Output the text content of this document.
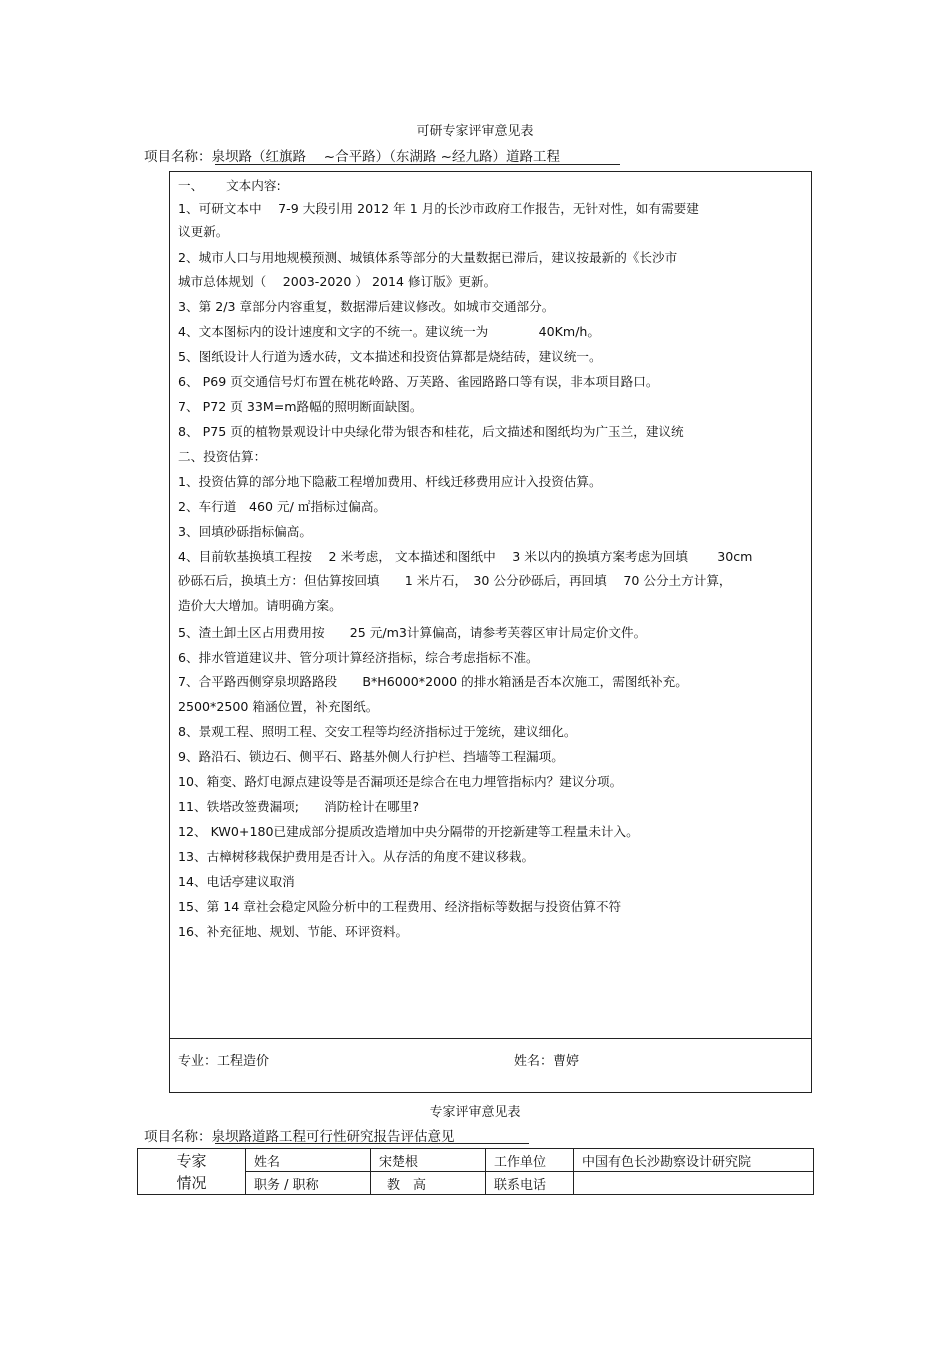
可研专家评审意见表
项目名称：泉坝路（红旗路　 ~合平路）（东湖路 ~经九路）道路工程
一、　　 文本内容:
1、可研文本中　 7-9 大段引用 2012 年 1 月的长沙市政府工作报告，无针对性，如有需要建
议更新。
2、城市人口与用地规模预测、城镇体系等部分的大量数据已滞后，建议按最新的《长沙市
城市总体规划（　 2003-2020 ） 2014 修订版》更新。
3、第 2/3 章部分内容重复，数据滞后建议修改。如城市交通部分。
4、文本图标内的设计速度和文字的不统一。建议统一为　　　　40Km/h。
5、图纸设计人行道为透水砖，文本描述和投资估算都是烧结砖，建议统一。
6、 P69 页交通信号灯布置在桃花岭路、万芙路、雀园路路口等有误，非本项目路口。
7、 P72 页 33M=m路幅的照明断面缺图。
8、 P75 页的植物景观设计中央绿化带为银杏和桂花，后文描述和图纸均为广玉兰，建议统
二、投资估算：
1、投资估算的部分地下隐蔽工程增加费用、杆线迁移费用应计入投资估算。
2、车行道　460 元/ ㎡指标过偏高。
3、回填砂砾指标偏高。
4、目前软基换填工程按　 2 米考虑， 文本描述和图纸中　 3 米以内的换填方案考虑为回填　　 30cm
砂砾石后，换填土方：但估算按回填　　1 米片石，　30 公分砂砾后，再回填　 70 公分土方计算，
造价大大增加。请明确方案。
5、渣土卸土区占用费用按　　25 元/m3计算偏高，请参考芙蓉区审计局定价文件。
6、排水管道建议井、管分项计算经济指标，综合考虑指标不准。
7、合平路西侧穿泉坝路路段　　B*H6000*2000 的排水箱涵是否本次施工，需图纸补充。
2500*2500 箱涵位置，补充图纸。
8、景观工程、照明工程、交安工程等均经济指标过于笼统，建议细化。
9、路沿石、锁边石、侧平石、路基外侧人行护栏、挡墙等工程漏项。
10、箱变、路灯电源点建设等是否漏项还是综合在电力埋管指标内？建议分项。
11、铁塔改签费漏项;　　消防栓计在哪里?
12、 KW0+180已建成部分提质改造增加中央分隔带的开挖新建等工程量未计入。
13、古樟树移栽保护费用是否计入。从存活的角度不建议移栽。
14、电话亭建议取消
15、第 14 章社会稳定风险分析中的工程费用、经济指标等数据与投资估算不符
16、补充征地、规划、节能、环评资料。
专业：工程造价	姓名：曹婷
专家评审意见表
项目名称：泉坝路道路工程可行性研究报告评估意见
专家
情况	姓名	宋楚根	工作单位	中国有色长沙勘察设计研究院
	职务 / 职称	教　高	联系电话	
